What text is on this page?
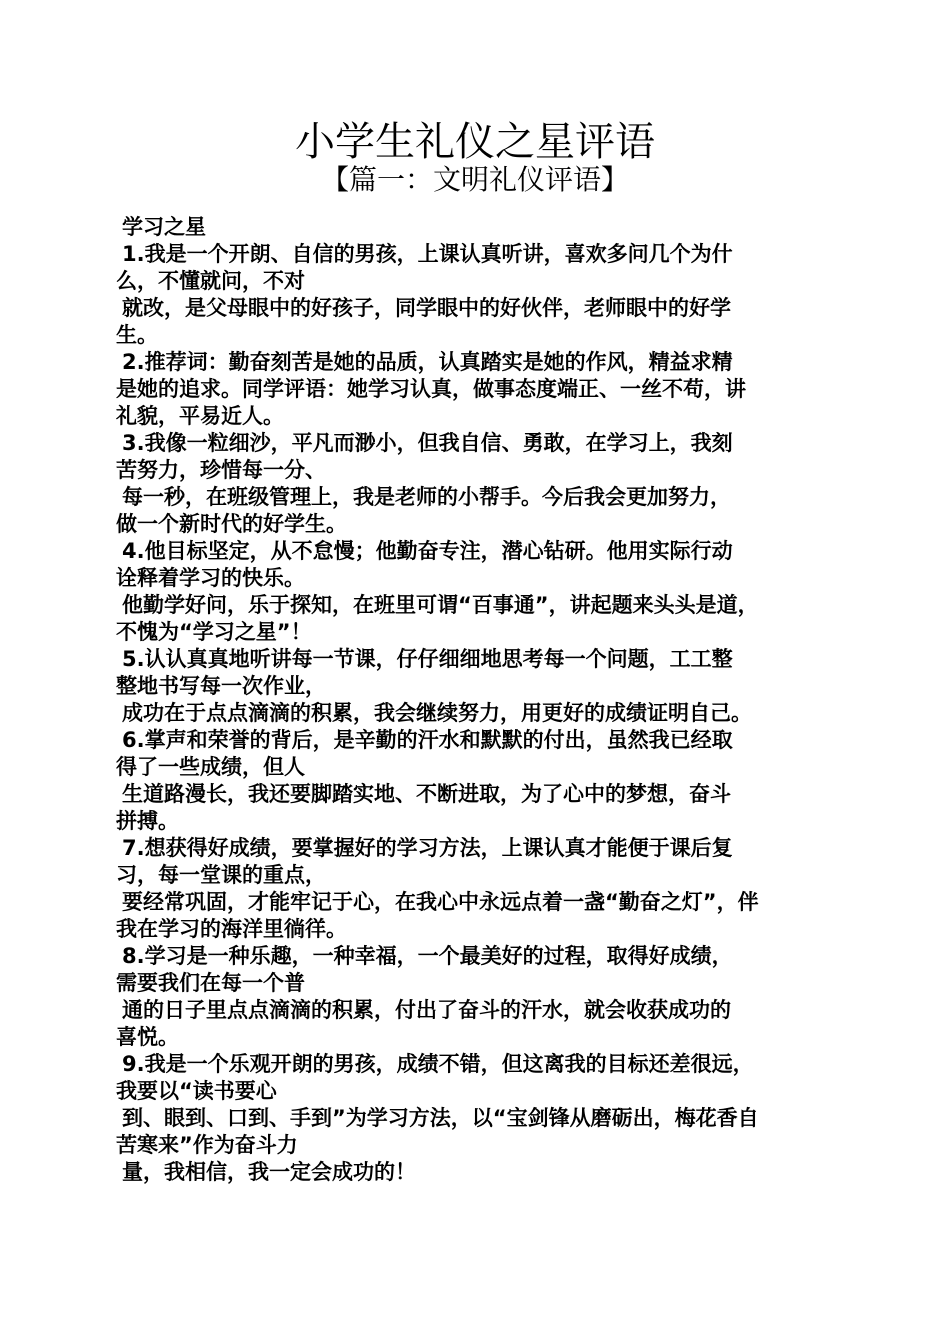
小学生礼仪之星评语
【篇一：文明礼仪评语】
学习之星
1.我是一个开朗、自信的男孩，上课认真听讲，喜欢多问几个为什
么，不懂就问，不对
就改，是父母眼中的好孩子，同学眼中的好伙伴，老师眼中的好学
生。
2.推荐词：勤奋刻苦是她的品质，认真踏实是她的作风，精益求精
是她的追求。同学评语：她学习认真，做事态度端正、一丝不苟，讲
礼貌，平易近人。
3.我像一粒细沙，平凡而渺小，但我自信、勇敢，在学习上，我刻
苦努力，珍惜每一分、
每一秒，在班级管理上，我是老师的小帮手。今后我会更加努力，
做一个新时代的好学生。
4.他目标坚定，从不怠慢；他勤奋专注，潜心钻研。他用实际行动
诠释着学习的快乐。
他勤学好问，乐于探知，在班里可谓“百事通”，讲起题来头头是道，
不愧为“学习之星”！
5.认认真真地听讲每一节课，仔仔细细地思考每一个问题，工工整
整地书写每一次作业，
成功在于点点滴滴的积累，我会继续努力，用更好的成绩证明自己。
6.掌声和荣誉的背后，是辛勤的汗水和默默的付出，虽然我已经取
得了一些成绩，但人
生道路漫长，我还要脚踏实地、不断进取，为了心中的梦想，奋斗
拼搏。
7.想获得好成绩，要掌握好的学习方法，上课认真才能便于课后复
习，每一堂课的重点，
要经常巩固，才能牢记于心，在我心中永远点着一盏“勤奋之灯”，伴
我在学习的海洋里徜徉。
8.学习是一种乐趣，一种幸福，一个最美好的过程，取得好成绩，
需要我们在每一个普
通的日子里点点滴滴的积累，付出了奋斗的汗水，就会收获成功的
喜悦。
9.我是一个乐观开朗的男孩，成绩不错，但这离我的目标还差很远，
我要以“读书要心
到、眼到、口到、手到”为学习方法，以“宝剑锋从磨砺出，梅花香自
苦寒来”作为奋斗力
量，我相信，我一定会成功的！
